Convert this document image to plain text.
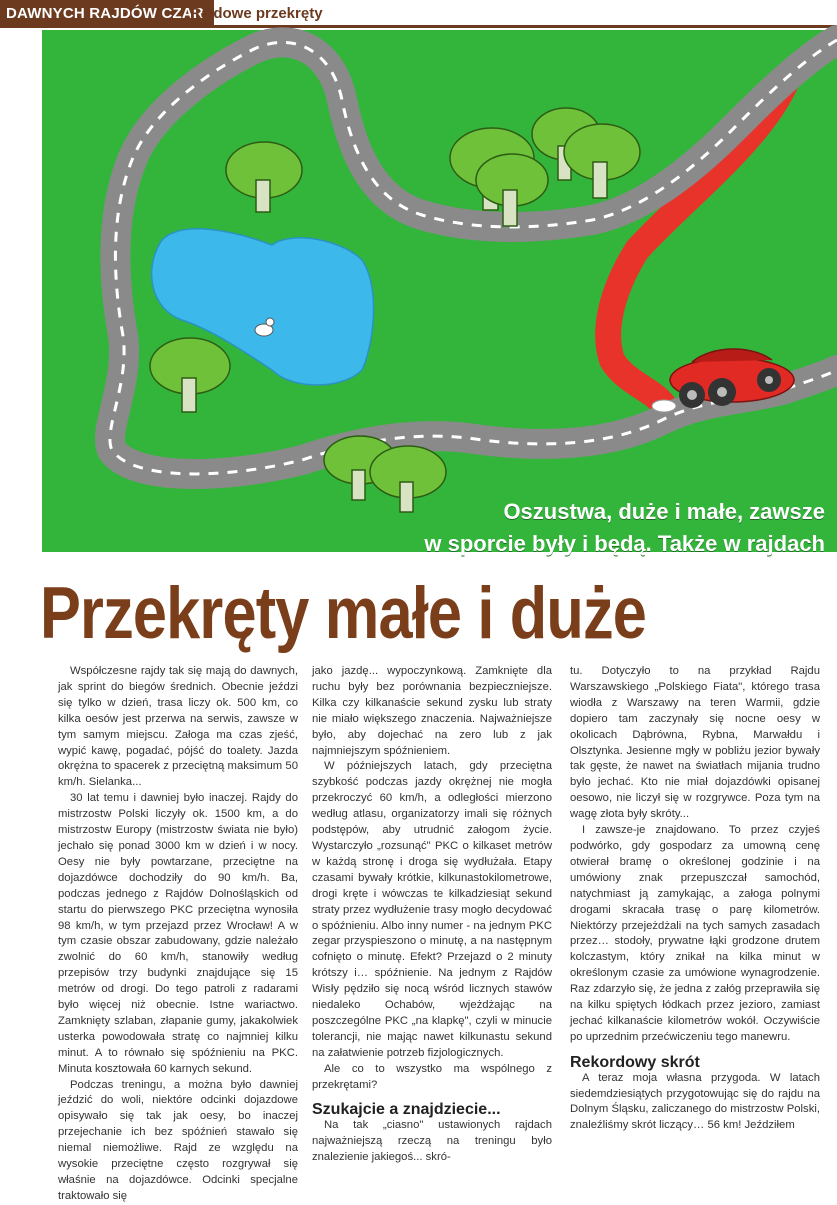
DAWNYCH RAJDÓW CZAR
Rajdowe przekręty
Oszustwa, duże i małe, zawsze
w sporcie były i będą. Także w rajdach
Przekręty małe i duże

Współczesne rajdy tak się mają do dawnych, jak sprint do biegów średnich. Obecnie jeździ się tylko w dzień, trasa liczy ok. 500 km, co kilka oesów jest przerwa na serwis, zawsze w tym samym miejscu. Załoga ma czas zjeść, wypić kawę, pogadać, pójść do toalety. Jazda okrężna to spacerek z przeciętną maksimum 50 km/h. Sielanka...

30 lat temu i dawniej było inaczej. Rajdy do mistrzostw Polski liczyły ok. 1500 km, a do mistrzostw Europy (mistrzostw świata nie było) jechało się ponad 3000 km w dzień i w nocy. Oesy nie były powtarzane, przeciętne na dojazdówce dochodziły do 90 km/h. Ba, podczas jednego z Rajdów Dolnośląskich od startu do pierwszego PKC przeciętna wynosiła 98 km/h, w tym przejazd przez Wrocław! A w tym czasie obszar zabudowany, gdzie należało zwolnić do 60 km/h, stanowiły według przepisów trzy budynki znajdujące się 15 metrów od drogi. Do tego patroli z radarami było więcej niż obecnie. Istne wariactwo. Zamknięty szlaban, złapanie gumy, jakakolwiek usterka powodowała stratę co najmniej kilku minut. A to równało się spóźnieniu na PKC. Minuta kosztowała 60 karnych sekund.

Podczas treningu, a można było dawniej jeździć do woli, niektóre odcinki dojazdowe opisywało się tak jak oesy, bo inaczej przejechanie ich bez spóźnień stawało się niemal niemożliwe. Rajd ze względu na wysokie przeciętne często rozgrywał się właśnie na dojazdówce. Odcinki specjalne traktowało się

jako jazdę... wypoczynkową. Zamknięte dla ruchu były bez porównania bezpieczniejsze. Kilka czy kilkanaście sekund zysku lub straty nie miało większego znaczenia. Najważniejsze było, aby dojechać na zero lub z jak najmniejszym spóźnieniem.

W późniejszych latach, gdy przeciętna szybkość podczas jazdy okrężnej nie mogła przekroczyć 60 km/h, a odległości mierzono według atlasu, organizatorzy imali się różnych podstępów, aby utrudnić załogom życie. Wystarczyło „rozsunąć" PKC o kilkaset metrów w każdą stronę i droga się wydłużała. Etapy czasami bywały krótkie, kilkunastokilometrowe, drogi kręte i wówczas te kilkadziesiąt sekund straty przez wydłużenie trasy mogło decydować o spóźnieniu. Albo inny numer - na jednym PKC zegar przyspieszono o minutę, a na następnym cofnięto o minutę. Efekt? Przejazd o 2 minuty krótszy i… spóźnienie. Na jednym z Rajdów Wisły pędziło się nocą wśród licznych stawów niedaleko Ochabów, wjeżdżając na poszczególne PKC „na klapkę", czyli w minucie tolerancji, nie mając nawet kilkunastu sekund na załatwienie potrzeb fizjologicznych.

Ale co to wszystko ma wspólnego z przekrętami?

Szukajcie a znajdziecie...

Na tak „ciasno" ustawionych rajdach najważniejszą rzeczą na treningu było znalezienie jakiegoś... skró-

tu. Dotyczyło to na przykład Rajdu Warszawskiego „Polskiego Fiata", którego trasa wiodła z Warszawy na teren Warmii, gdzie dopiero tam zaczynały się nocne oesy w okolicach Dąbrówna, Rybna, Marwałdu i Olsztynka. Jesienne mgły w pobliżu jezior bywały tak gęste, że nawet na światłach mijania trudno było jechać. Kto nie miał dojazdówki opisanej oesowo, nie liczył się w rozgrywce. Poza tym na wagę złota były skróty...

I zawsze-je znajdowano. To przez czyjeś podwórko, gdy gospodarz za umowną cenę otwierał bramę o określonej godzinie i na umówiony znak przepuszczał samochód, natychmiast ją zamykając, a załoga polnymi drogami skracała trasę o parę kilometrów. Niektórzy przejeżdżali na tych samych zasadach przez… stodoły, prywatne łąki grodzone drutem kolczastym, który znikał na kilka minut w określonym czasie za umówione wynagrodzenie. Raz zdarzyło się, że jedna z załóg przeprawiła się na kilku spiętych łódkach przez jezioro, zamiast jechać kilkanaście kilometrów wokół. Oczywiście po uprzednim przećwiczeniu tego manewru.

Rekordowy skrót

A teraz moja własna przygoda. W latach siedemdziesiątych przygotowując się do rajdu na Dolnym Śląsku, zaliczanego do mistrzostw Polski, znaleźliśmy skrót liczący… 56 km! Jeździłem
